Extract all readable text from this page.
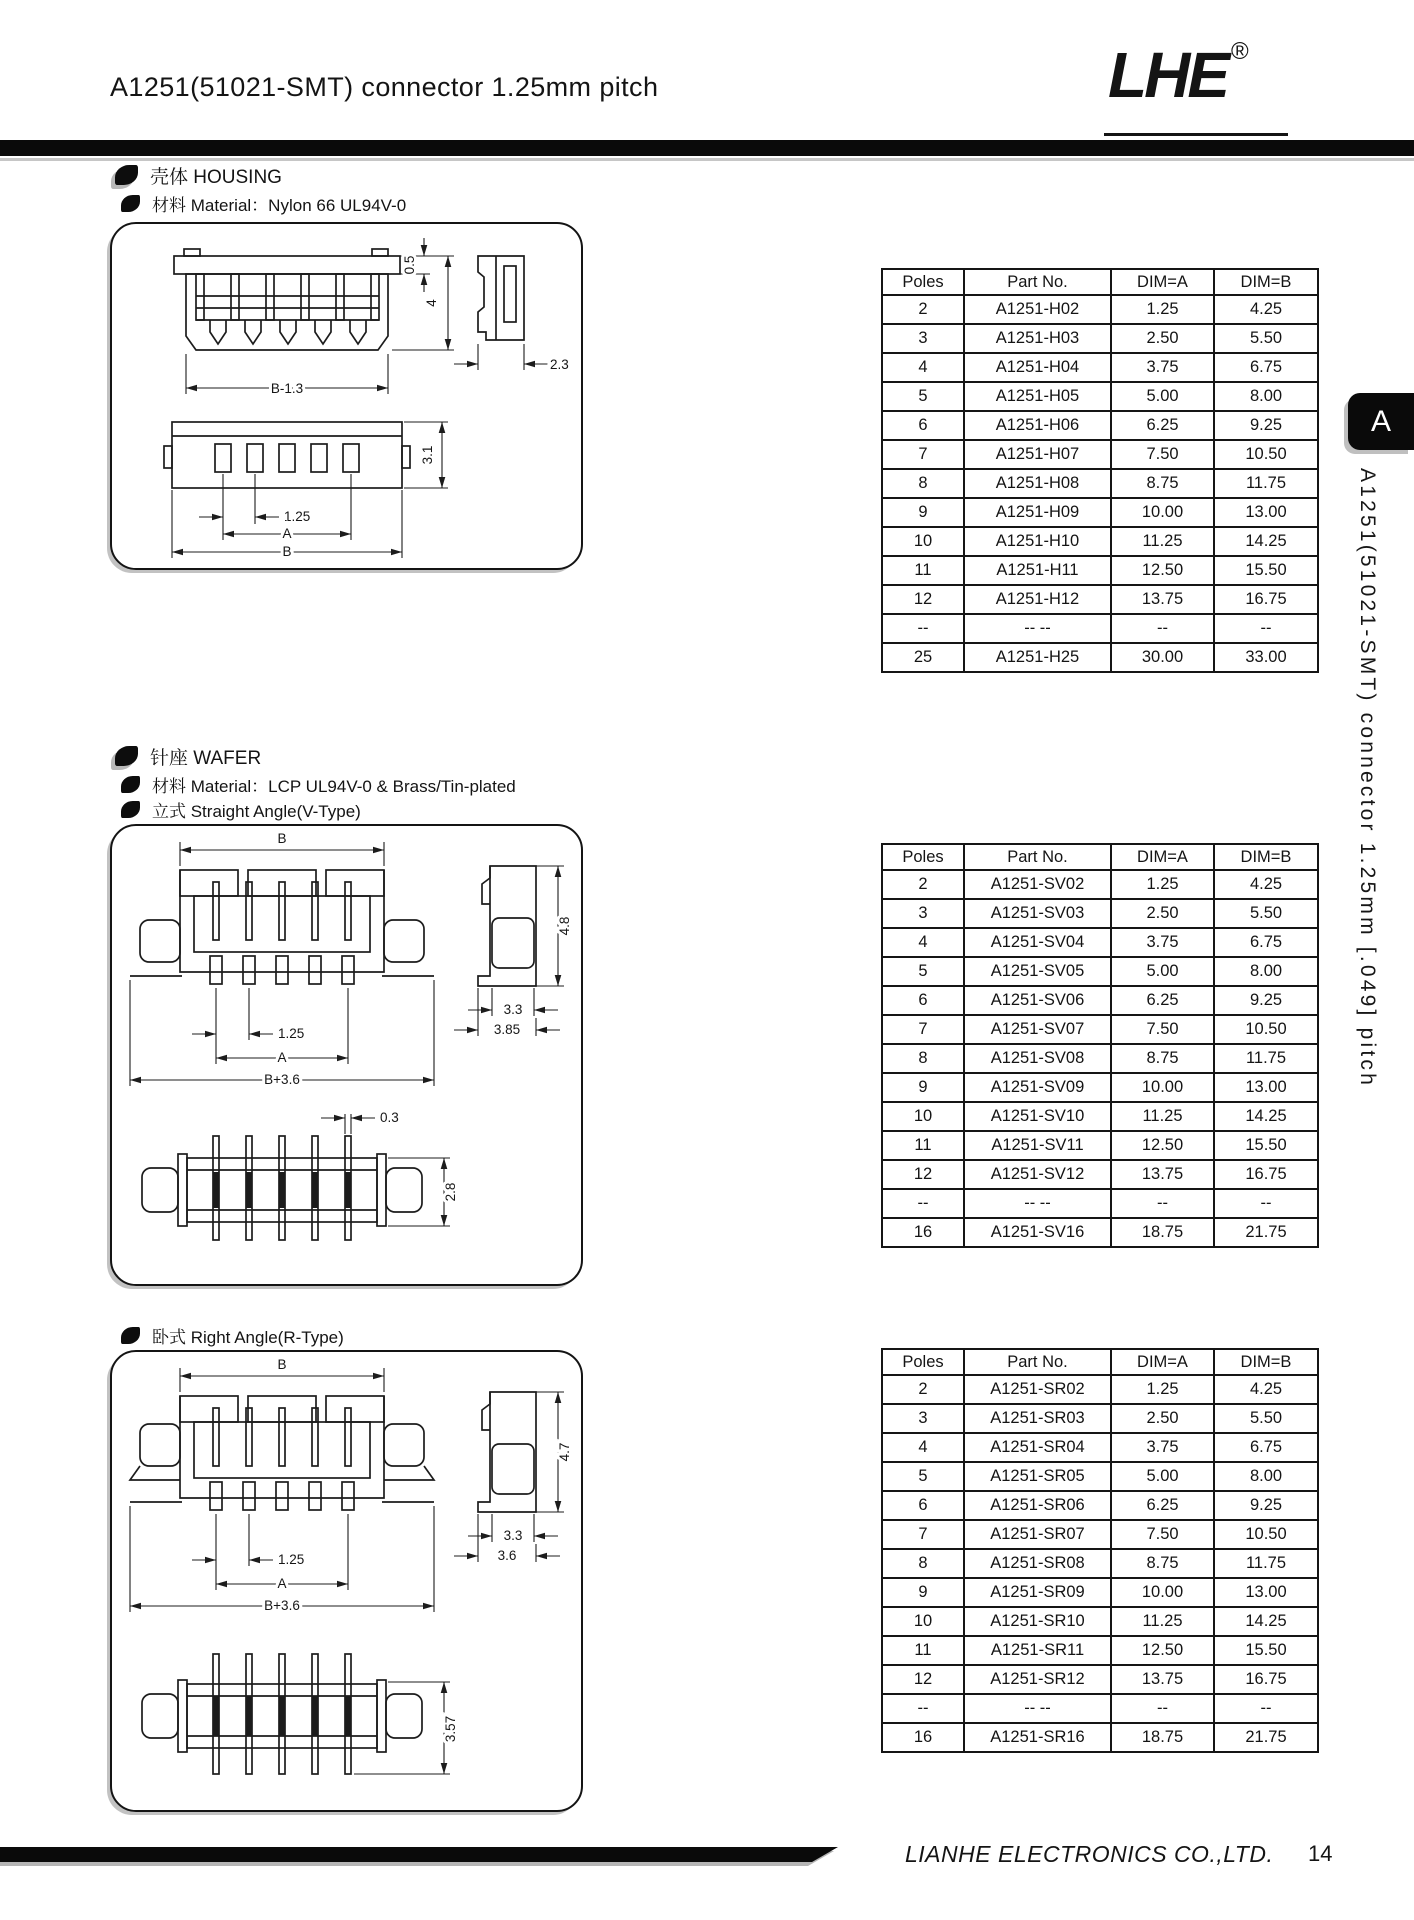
A1251(51021-SMT) connector 1.25mm pitch	LHE ®
壳体 HOUSING
材料 Material：Nylon 66 UL94V-0
0.5
4
B-1.3
2.3
3.1
1.25
A
B
Poles	Part No.	DIM=A	DIM=B
2	A1251-H02	1.25	4.25
3	A1251-H03	2.50	5.50
4	A1251-H04	3.75	6.75
5	A1251-H05	5.00	8.00
6	A1251-H06	6.25	9.25
7	A1251-H07	7.50	10.50
8	A1251-H08	8.75	11.75
9	A1251-H09	10.00	13.00
10	A1251-H10	11.25	14.25
11	A1251-H11	12.50	15.50
12	A1251-H12	13.75	16.75
--	-- --	--	--
25	A1251-H25	30.00	33.00
针座 WAFER
材料 Material：LCP UL94V-0 & Brass/Tin-plated
立式 Straight Angle(V-Type)
B
1.25
A
B+3.6
4.8
3.3
3.85
0.3
2.8
Poles	Part No.	DIM=A	DIM=B
2	A1251-SV02	1.25	4.25
3	A1251-SV03	2.50	5.50
4	A1251-SV04	3.75	6.75
5	A1251-SV05	5.00	8.00
6	A1251-SV06	6.25	9.25
7	A1251-SV07	7.50	10.50
8	A1251-SV08	8.75	11.75
9	A1251-SV09	10.00	13.00
10	A1251-SV10	11.25	14.25
11	A1251-SV11	12.50	15.50
12	A1251-SV12	13.75	16.75
--	-- --	--	--
16	A1251-SV16	18.75	21.75
卧式 Right Angle(R-Type)
B
1.25
A
B+3.6
4.7
3.3
3.6
3.57
Poles	Part No.	DIM=A	DIM=B
2	A1251-SR02	1.25	4.25
3	A1251-SR03	2.50	5.50
4	A1251-SR04	3.75	6.75
5	A1251-SR05	5.00	8.00
6	A1251-SR06	6.25	9.25
7	A1251-SR07	7.50	10.50
8	A1251-SR08	8.75	11.75
9	A1251-SR09	10.00	13.00
10	A1251-SR10	11.25	14.25
11	A1251-SR11	12.50	15.50
12	A1251-SR12	13.75	16.75
--	-- --	--	--
16	A1251-SR16	18.75	21.75
A
A1251(51021-SMT) connector 1.25mm [.049] pitch
LIANHE ELECTRONICS CO.,LTD. 14
